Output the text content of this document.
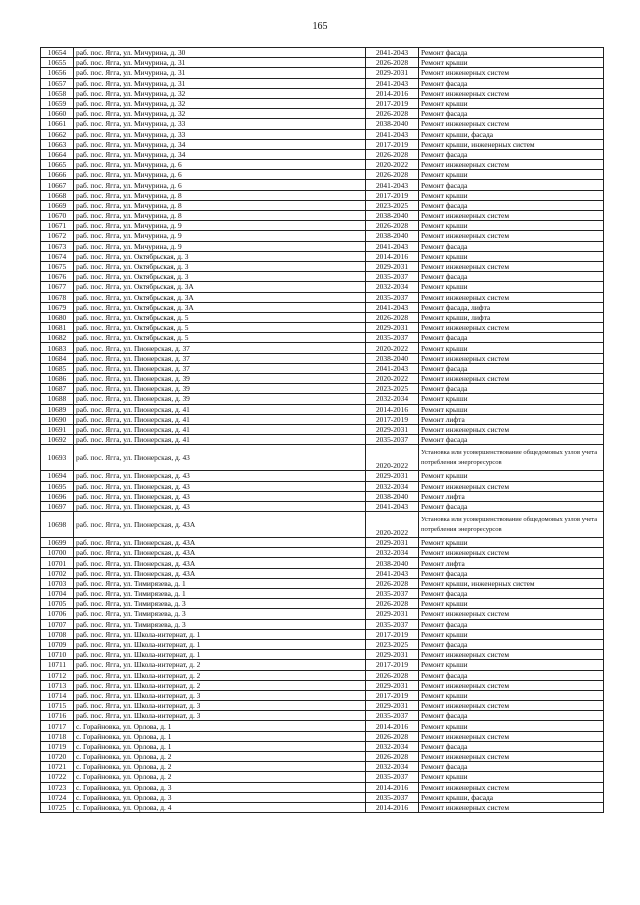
165
10654	раб. пос. Ягга, ул. Мичурина, д. 30	2041-2043	Ремонт фасада
10655	раб. пос. Ягга, ул. Мичурина, д. 31	2026-2028	Ремонт крыши
10656	раб. пос. Ягга, ул. Мичурина, д. 31	2029-2031	Ремонт инженерных систем
10657	раб. пос. Ягга, ул. Мичурина, д. 31	2041-2043	Ремонт фасада
10658	раб. пос. Ягга, ул. Мичурина, д. 32	2014-2016	Ремонт инженерных систем
10659	раб. пос. Ягга, ул. Мичурина, д. 32	2017-2019	Ремонт крыши
10660	раб. пос. Ягга, ул. Мичурина, д. 32	2026-2028	Ремонт фасада
10661	раб. пос. Ягга, ул. Мичурина, д. 33	2038-2040	Ремонт инженерных систем
10662	раб. пос. Ягга, ул. Мичурина, д. 33	2041-2043	Ремонт крыши, фасада
10663	раб. пос. Ягга, ул. Мичурина, д. 34	2017-2019	Ремонт крыши, инженерных систем
10664	раб. пос. Ягга, ул. Мичурина, д. 34	2026-2028	Ремонт фасада
10665	раб. пос. Ягга, ул. Мичурина, д. 6	2020-2022	Ремонт инженерных систем
10666	раб. пос. Ягга, ул. Мичурина, д. 6	2026-2028	Ремонт крыши
10667	раб. пос. Ягга, ул. Мичурина, д. 6	2041-2043	Ремонт фасада
10668	раб. пос. Ягга, ул. Мичурина, д. 8	2017-2019	Ремонт крыши
10669	раб. пос. Ягга, ул. Мичурина, д. 8	2023-2025	Ремонт фасада
10670	раб. пос. Ягга, ул. Мичурина, д. 8	2038-2040	Ремонт инженерных систем
10671	раб. пос. Ягга, ул. Мичурина, д. 9	2026-2028	Ремонт крыши
10672	раб. пос. Ягга, ул. Мичурина, д. 9	2038-2040	Ремонт инженерных систем
10673	раб. пос. Ягга, ул. Мичурина, д. 9	2041-2043	Ремонт фасада
10674	раб. пос. Ягга, ул. Октябрьская, д. 3	2014-2016	Ремонт крыши
10675	раб. пос. Ягга, ул. Октябрьская, д. 3	2029-2031	Ремонт инженерных систем
10676	раб. пос. Ягга, ул. Октябрьская, д. 3	2035-2037	Ремонт фасада
10677	раб. пос. Ягга, ул. Октябрьская, д. 3А	2032-2034	Ремонт крыши
10678	раб. пос. Ягга, ул. Октябрьская, д. 3А	2035-2037	Ремонт инженерных систем
10679	раб. пос. Ягга, ул. Октябрьская, д. 3А	2041-2043	Ремонт фасада, лифта
10680	раб. пос. Ягга, ул. Октябрьская, д. 5	2026-2028	Ремонт крыши, лифта
10681	раб. пос. Ягга, ул. Октябрьская, д. 5	2029-2031	Ремонт инженерных систем
10682	раб. пос. Ягга, ул. Октябрьская, д. 5	2035-2037	Ремонт фасада
10683	раб. пос. Ягга, ул. Пионерская, д. 37	2020-2022	Ремонт крыши
10684	раб. пос. Ягга, ул. Пионерская, д. 37	2038-2040	Ремонт инженерных систем
10685	раб. пос. Ягга, ул. Пионерская, д. 37	2041-2043	Ремонт фасада
10686	раб. пос. Ягга, ул. Пионерская, д. 39	2020-2022	Ремонт инженерных систем
10687	раб. пос. Ягга, ул. Пионерская, д. 39	2023-2025	Ремонт фасада
10688	раб. пос. Ягга, ул. Пионерская, д. 39	2032-2034	Ремонт крыши
10689	раб. пос. Ягга, ул. Пионерская, д. 41	2014-2016	Ремонт крыши
10690	раб. пос. Ягга, ул. Пионерская, д. 41	2017-2019	Ремонт лифта
10691	раб. пос. Ягга, ул. Пионерская, д. 41	2029-2031	Ремонт инженерных систем
10692	раб. пос. Ягга, ул. Пионерская, д. 41	2035-2037	Ремонт фасада
10693	раб. пос. Ягга, ул. Пионерская, д. 43	2020-2022	Установка или усовершенствование общедомовых узлов учета потребления энергоресурсов
10694	раб. пос. Ягга, ул. Пионерская, д. 43	2029-2031	Ремонт крыши
10695	раб. пос. Ягга, ул. Пионерская, д. 43	2032-2034	Ремонт инженерных систем
10696	раб. пос. Ягга, ул. Пионерская, д. 43	2038-2040	Ремонт лифта
10697	раб. пос. Ягга, ул. Пионерская, д. 43	2041-2043	Ремонт фасада
10698	раб. пос. Ягга, ул. Пионерская, д. 43А	2020-2022	Установка или усовершенствование общедомовых узлов учета потребления энергоресурсов
10699	раб. пос. Ягга, ул. Пионерская, д. 43А	2029-2031	Ремонт крыши
10700	раб. пос. Ягга, ул. Пионерская, д. 43А	2032-2034	Ремонт инженерных систем
10701	раб. пос. Ягга, ул. Пионерская, д. 43А	2038-2040	Ремонт лифта
10702	раб. пос. Ягга, ул. Пионерская, д. 43А	2041-2043	Ремонт фасада
10703	раб. пос. Ягга, ул. Тимирязева, д. 1	2026-2028	Ремонт крыши, инженерных систем
10704	раб. пос. Ягга, ул. Тимирязева, д. 1	2035-2037	Ремонт фасада
10705	раб. пос. Ягга, ул. Тимирязева, д. 3	2026-2028	Ремонт крыши
10706	раб. пос. Ягга, ул. Тимирязева, д. 3	2029-2031	Ремонт инженерных систем
10707	раб. пос. Ягга, ул. Тимирязева, д. 3	2035-2037	Ремонт фасада
10708	раб. пос. Ягга, ул. Школа-интернат, д. 1	2017-2019	Ремонт крыши
10709	раб. пос. Ягга, ул. Школа-интернат, д. 1	2023-2025	Ремонт фасада
10710	раб. пос. Ягга, ул. Школа-интернат, д. 1	2029-2031	Ремонт инженерных систем
10711	раб. пос. Ягга, ул. Школа-интернат, д. 2	2017-2019	Ремонт крыши
10712	раб. пос. Ягга, ул. Школа-интернат, д. 2	2026-2028	Ремонт фасада
10713	раб. пос. Ягга, ул. Школа-интернат, д. 2	2029-2031	Ремонт инженерных систем
10714	раб. пос. Ягга, ул. Школа-интернат, д. 3	2017-2019	Ремонт крыши
10715	раб. пос. Ягга, ул. Школа-интернат, д. 3	2029-2031	Ремонт инженерных систем
10716	раб. пос. Ягга, ул. Школа-интернат, д. 3	2035-2037	Ремонт фасада
10717	с. Горайновка, ул. Орлова, д. 1	2014-2016	Ремонт крыши
10718	с. Горайновка, ул. Орлова, д. 1	2026-2028	Ремонт инженерных систем
10719	с. Горайновка, ул. Орлова, д. 1	2032-2034	Ремонт фасада
10720	с. Горайновка, ул. Орлова, д. 2	2026-2028	Ремонт инженерных систем
10721	с. Горайновка, ул. Орлова, д. 2	2032-2034	Ремонт фасада
10722	с. Горайновка, ул. Орлова, д. 2	2035-2037	Ремонт крыши
10723	с. Горайновка, ул. Орлова, д. 3	2014-2016	Ремонт инженерных систем
10724	с. Горайновка, ул. Орлова, д. 3	2035-2037	Ремонт крыши, фасада
10725	с. Горайновка, ул. Орлова, д. 4	2014-2016	Ремонт инженерных систем
